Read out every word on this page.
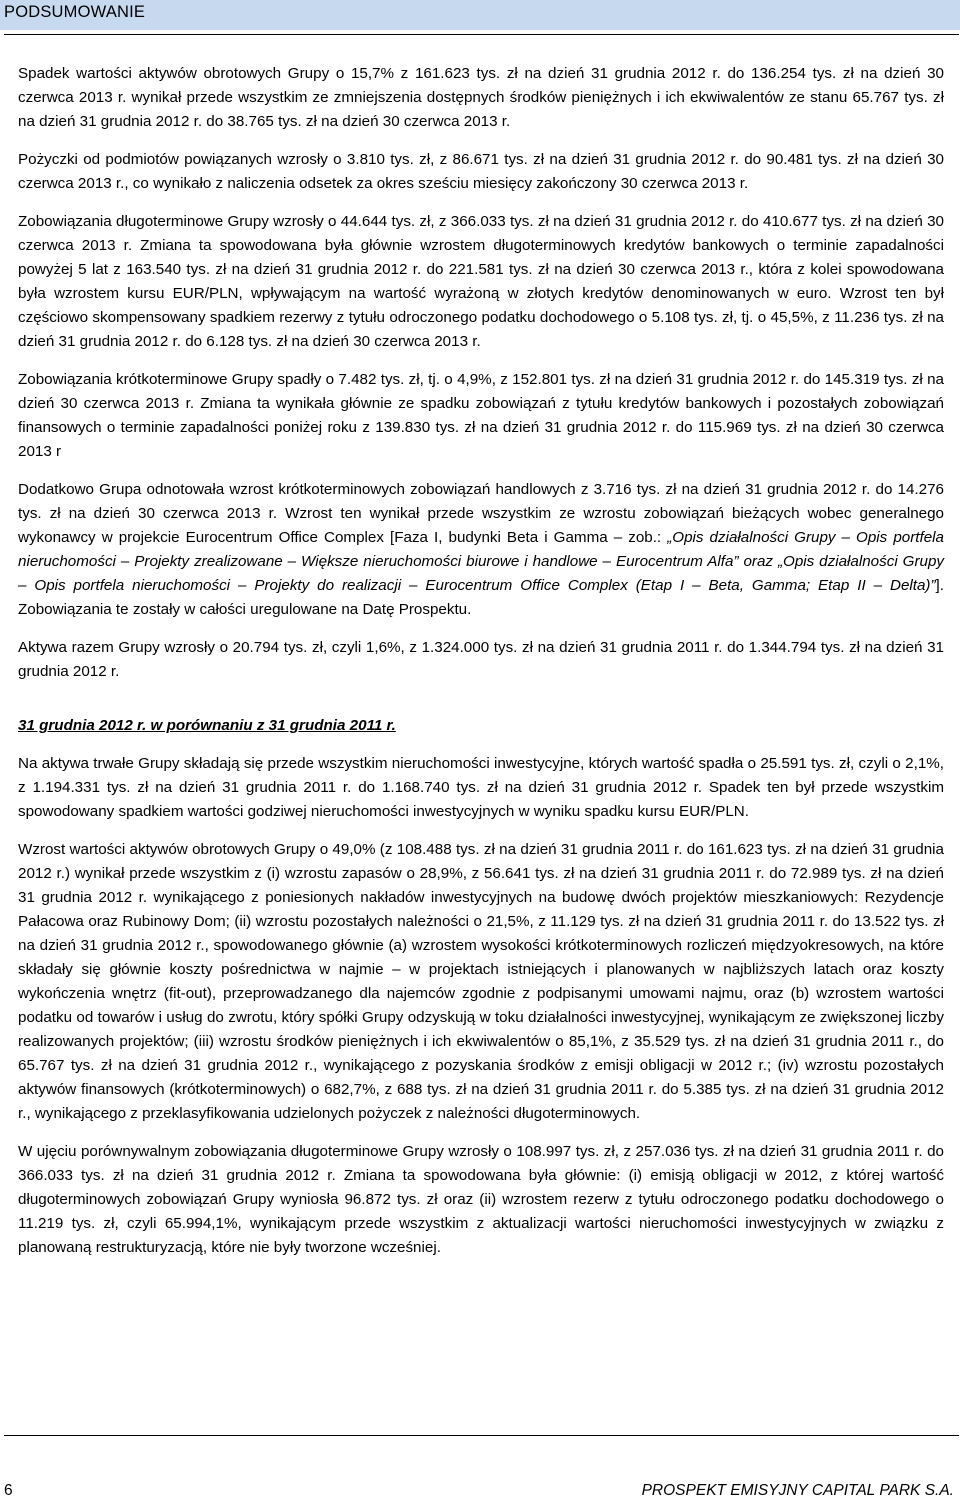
PODSUMOWANIE

Spadek wartości aktywów obrotowych Grupy o 15,7% z 161.623 tys. zł na dzień 31 grudnia 2012 r. do 136.254 tys. zł na dzień 30 czerwca 2013 r. wynikał przede wszystkim ze zmniejszenia dostępnych środków pieniężnych i ich ekwiwalentów ze stanu 65.767 tys. zł na dzień 31 grudnia 2012 r. do 38.765 tys. zł na dzień 30 czerwca 2013 r.

Pożyczki od podmiotów powiązanych wzrosły o 3.810 tys. zł, z 86.671 tys. zł na dzień 31 grudnia 2012 r. do 90.481 tys. zł na dzień 30 czerwca 2013 r., co wynikało z naliczenia odsetek za okres sześciu miesięcy zakończony 30 czerwca 2013 r.

Zobowiązania długoterminowe Grupy wzrosły o 44.644 tys. zł, z 366.033 tys. zł na dzień 31 grudnia 2012 r. do 410.677 tys. zł na dzień 30 czerwca 2013 r. Zmiana ta spowodowana była głównie wzrostem długoterminowych kredytów bankowych o terminie zapadalności powyżej 5 lat z 163.540 tys. zł na dzień 31 grudnia 2012 r. do 221.581 tys. zł na dzień 30 czerwca 2013 r., która z kolei spowodowana była wzrostem kursu EUR/PLN, wpływającym na wartość wyrażoną w złotych kredytów denominowanych w euro. Wzrost ten był częściowo skompensowany spadkiem rezerwy z tytułu odroczonego podatku dochodowego o 5.108 tys. zł, tj. o 45,5%, z 11.236 tys. zł na dzień 31 grudnia 2012 r. do 6.128 tys. zł na dzień 30 czerwca 2013 r.

Zobowiązania krótkoterminowe Grupy spadły o 7.482 tys. zł, tj. o 4,9%, z 152.801 tys. zł na dzień 31 grudnia 2012 r. do 145.319 tys. zł na dzień 30 czerwca 2013 r. Zmiana ta wynikała głównie ze spadku zobowiązań z tytułu kredytów bankowych i pozostałych zobowiązań finansowych o terminie zapadalności poniżej roku z 139.830 tys. zł na dzień 31 grudnia 2012 r. do 115.969 tys. zł na dzień 30 czerwca 2013 r

Dodatkowo Grupa odnotowała wzrost krótkoterminowych zobowiązań handlowych z 3.716 tys. zł na dzień 31 grudnia 2012 r. do 14.276 tys. zł na dzień 30 czerwca 2013 r. Wzrost ten wynikał przede wszystkim ze wzrostu zobowiązań bieżących wobec generalnego wykonawcy w projekcie Eurocentrum Office Complex [Faza I, budynki Beta i Gamma – zob.: „Opis działalności Grupy – Opis portfela nieruchomości – Projekty zrealizowane – Większe nieruchomości biurowe i handlowe – Eurocentrum Alfa” oraz „Opis działalności Grupy – Opis portfela nieruchomości – Projekty do realizacji – Eurocentrum Office Complex (Etap I – Beta, Gamma; Etap II – Delta)”]. Zobowiązania te zostały w całości uregulowane na Datę Prospektu.

Aktywa razem Grupy wzrosły o 20.794 tys. zł, czyli 1,6%, z 1.324.000 tys. zł na dzień 31 grudnia 2011 r. do 1.344.794 tys. zł na dzień 31 grudnia 2012 r.

31 grudnia 2012 r. w porównaniu z 31 grudnia 2011 r.

Na aktywa trwałe Grupy składają się przede wszystkim nieruchomości inwestycyjne, których wartość spadła o 25.591 tys. zł, czyli o 2,1%, z 1.194.331 tys. zł na dzień 31 grudnia 2011 r. do 1.168.740 tys. zł na dzień 31 grudnia 2012 r. Spadek ten był przede wszystkim spowodowany spadkiem wartości godziwej nieruchomości inwestycyjnych w wyniku spadku kursu EUR/PLN.

Wzrost wartości aktywów obrotowych Grupy o 49,0% (z 108.488 tys. zł na dzień 31 grudnia 2011 r. do 161.623 tys. zł na dzień 31 grudnia 2012 r.) wynikał przede wszystkim z (i) wzrostu zapasów o 28,9%, z 56.641 tys. zł na dzień 31 grudnia 2011 r. do 72.989 tys. zł na dzień 31 grudnia 2012 r. wynikającego z poniesionych nakładów inwestycyjnych na budowę dwóch projektów mieszkaniowych: Rezydencje Pałacowa oraz Rubinowy Dom; (ii) wzrostu pozostałych należności o 21,5%, z 11.129 tys. zł na dzień 31 grudnia 2011 r. do 13.522 tys. zł na dzień 31 grudnia 2012 r., spowodowanego głównie (a) wzrostem wysokości krótkoterminowych rozliczeń międzyokresowych, na które składały się głównie koszty pośrednictwa w najmie – w projektach istniejących i planowanych w najbliższych latach oraz koszty wykończenia wnętrz (fit-out), przeprowadzanego dla najemców zgodnie z podpisanymi umowami najmu, oraz (b) wzrostem wartości podatku od towarów i usług do zwrotu, który spółki Grupy odzyskują w toku działalności inwestycyjnej, wynikającym ze zwiększonej liczby realizowanych projektów; (iii) wzrostu środków pieniężnych i ich ekwiwalentów o 85,1%, z 35.529 tys. zł na dzień 31 grudnia 2011 r., do 65.767 tys. zł na dzień 31 grudnia 2012 r., wynikającego z pozyskania środków z emisji obligacji w 2012 r.; (iv) wzrostu pozostałych aktywów finansowych (krótkoterminowych) o 682,7%, z 688 tys. zł na dzień 31 grudnia 2011 r. do 5.385 tys. zł na dzień 31 grudnia 2012 r., wynikającego z przeklasyfikowania udzielonych pożyczek z należności długoterminowych.

W ujęciu porównywalnym zobowiązania długoterminowe Grupy wzrosły o 108.997 tys. zł, z 257.036 tys. zł na dzień 31 grudnia 2011 r. do 366.033 tys. zł na dzień 31 grudnia 2012 r. Zmiana ta spowodowana była głównie: (i) emisją obligacji w 2012, z której wartość długoterminowych zobowiązań Grupy wyniosła 96.872 tys. zł oraz (ii) wzrostem rezerw z tytułu odroczonego podatku dochodowego o 11.219 tys. zł, czyli 65.994,1%, wynikającym przede wszystkim z aktualizacji wartości nieruchomości inwestycyjnych w związku z planowaną restrukturyzacją, które nie były tworzone wcześniej.

6	PROSPEKT EMISYJNY CAPITAL PARK S.A.
